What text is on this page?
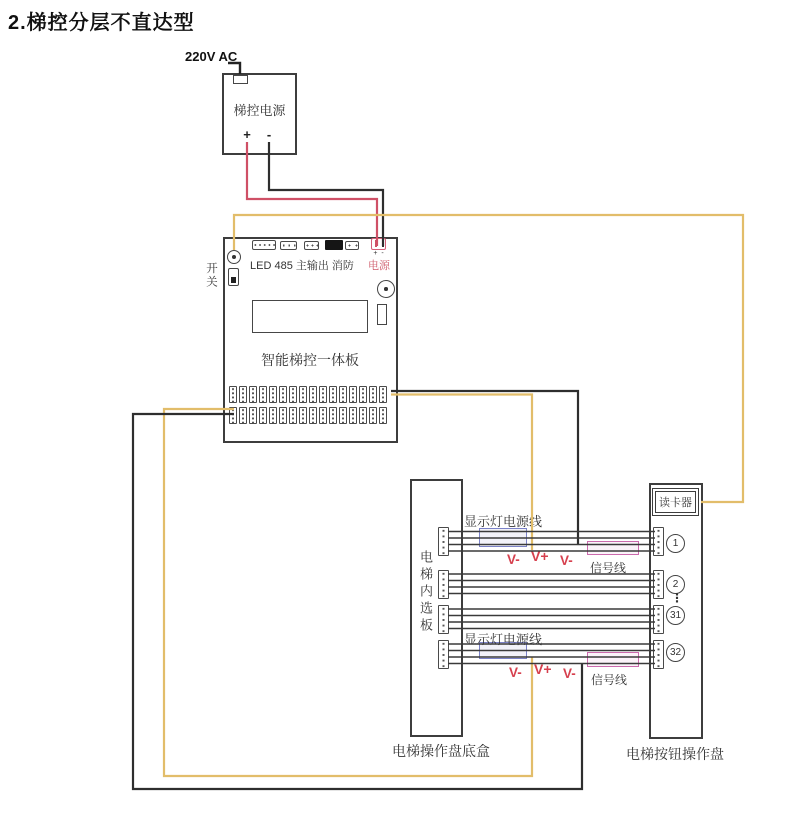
2.梯控分层不直达型
220V AC
梯控电源
+ -
开关
+ -
LED 485 主输出 消防 电源
智能梯控一体板
电梯内选板
电梯操作盘底盒
读卡器
1
2
31
32
⋮
电梯按钮操作盘
显示灯电源线
显示灯电源线
信号线
信号线
V- V+ V-
V- V+ V-
